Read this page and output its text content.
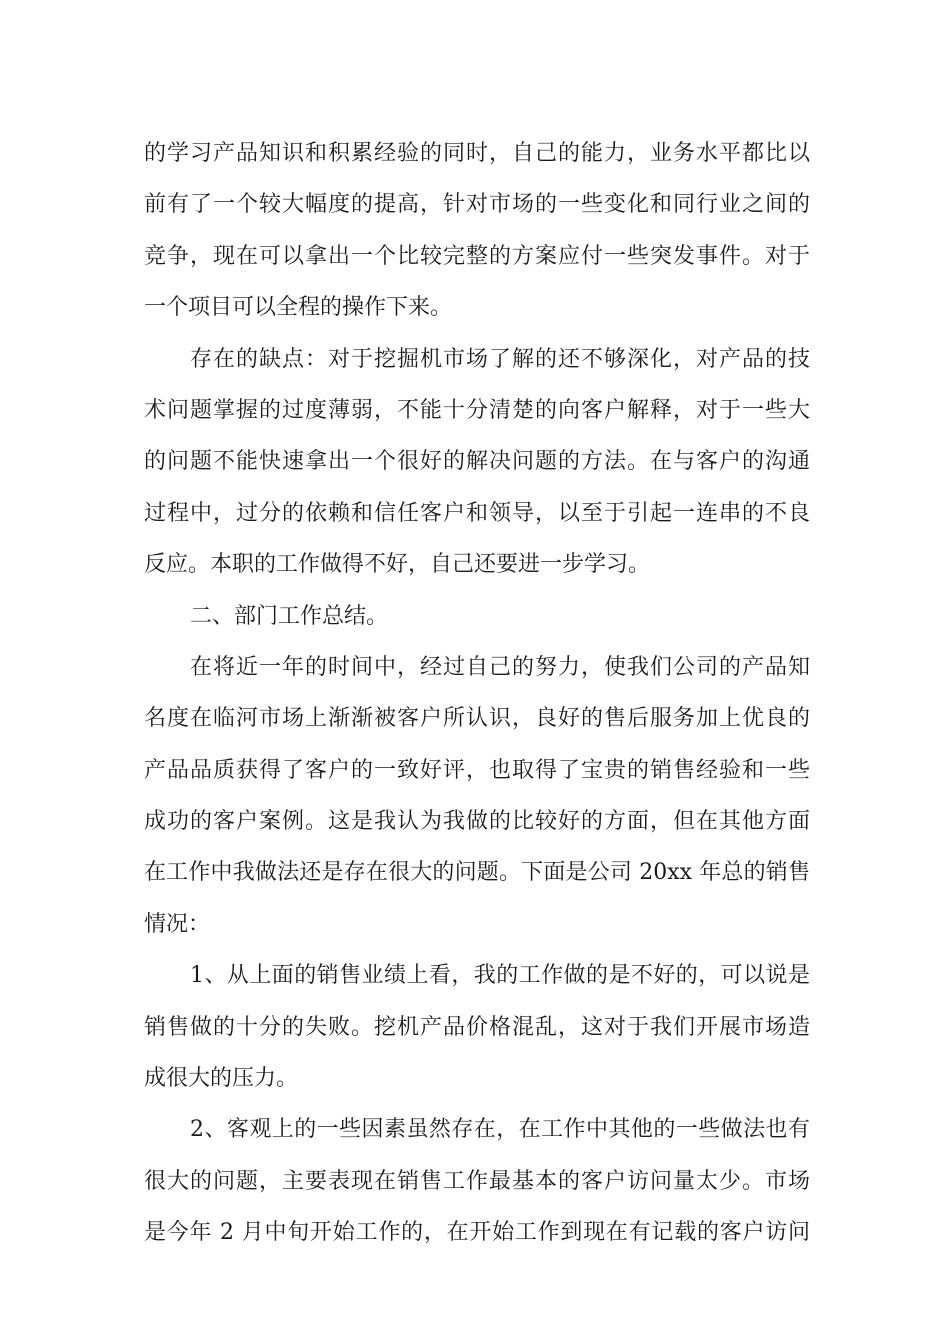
的学习产品知识和积累经验的同时，自己的能力，业务水平都比以
前有了一个较大幅度的提高，针对市场的一些变化和同行业之间的
竞争，现在可以拿出一个比较完整的方案应付一些突发事件。对于
一个项目可以全程的操作下来。
存在的缺点：对于挖掘机市场了解的还不够深化，对产品的技
术问题掌握的过度薄弱，不能十分清楚的向客户解释，对于一些大
的问题不能快速拿出一个很好的解决问题的方法。在与客户的沟通
过程中，过分的依赖和信任客户和领导，以至于引起一连串的不良
反应。本职的工作做得不好，自己还要进一步学习。
二、部门工作总结。
在将近一年的时间中，经过自己的努力，使我们公司的产品知
名度在临河市场上渐渐被客户所认识，良好的售后服务加上优良的
产品品质获得了客户的一致好评，也取得了宝贵的销售经验和一些
成功的客户案例。这是我认为我做的比较好的方面，但在其他方面
在工作中我做法还是存在很大的问题。下面是公司 20xx 年总的销售
情况：
1、从上面的销售业绩上看，我的工作做的是不好的，可以说是
销售做的十分的失败。挖机产品价格混乱，这对于我们开展市场造
成很大的压力。
2、客观上的一些因素虽然存在，在工作中其他的一些做法也有
很大的问题，主要表现在销售工作最基本的客户访问量太少。市场
是今年 2 月中旬开始工作的，在开始工作到现在有记载的客户访问
